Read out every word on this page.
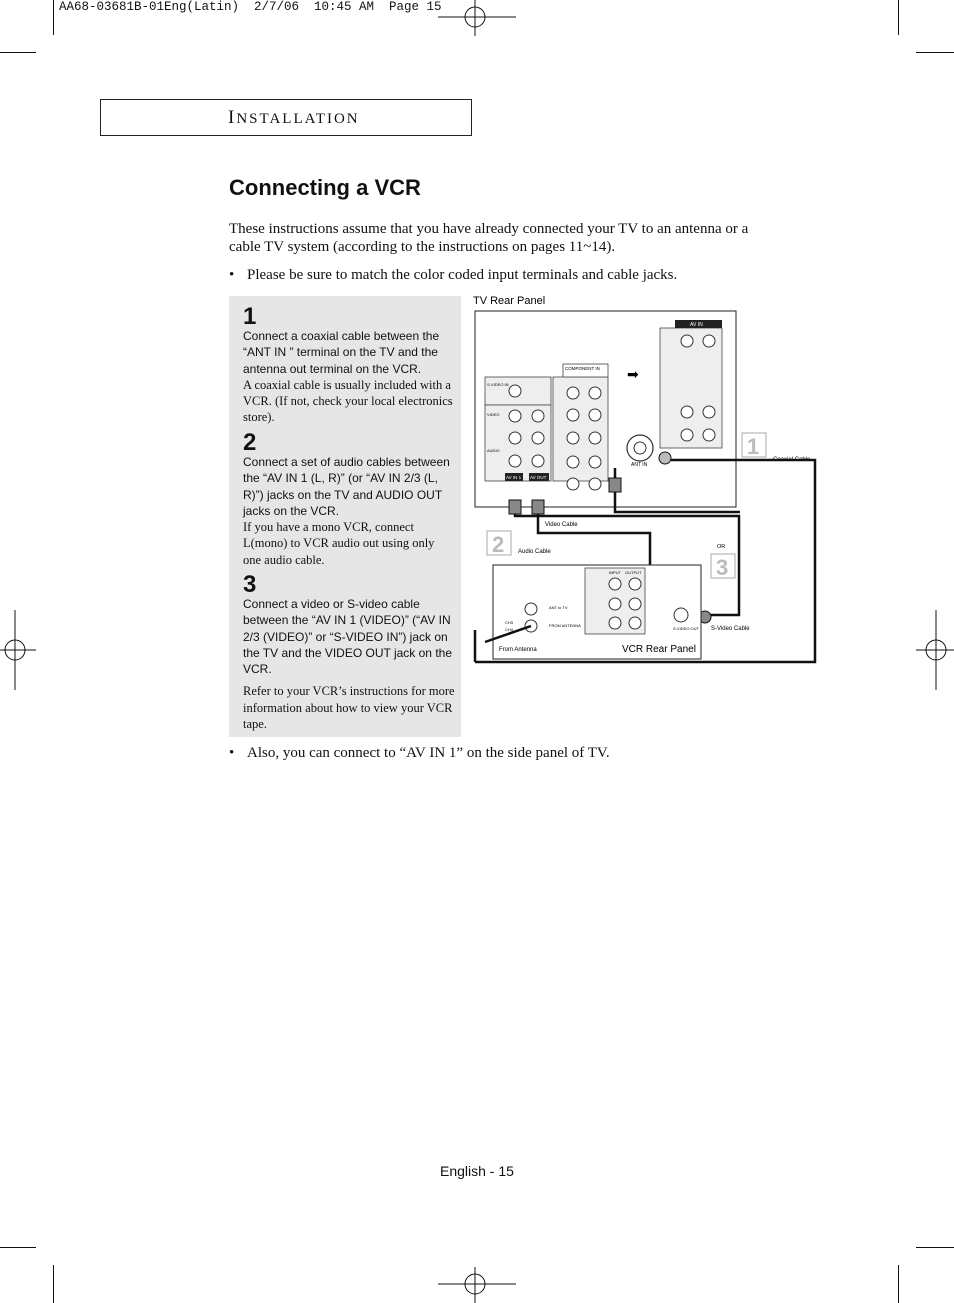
AA68-03681B-01Eng(Latin)  2/7/06  10:45 AM  Page 15
INSTALLATION
Connecting a VCR
These instructions assume that you have already connected your TV to an antenna or a cable TV system (according to the instructions on pages 11~14).
• Please be sure to match the color coded input terminals and cable jacks.
1
Connect a coaxial cable between the “ANT IN ” terminal on the TV and the antenna out terminal on the VCR.
A coaxial cable is usually included with a VCR. (If not, check your local electronics store).
2
Connect a set of audio cables between the “AV IN 1 (L, R)” (or “AV IN 2/3 (L, R)”) jacks on the TV and AUDIO OUT jacks on the VCR.
If you have a mono VCR, connect L(mono) to VCR audio out using only one audio cable.
3
Connect a video or S-video cable between the “AV IN 1 (VIDEO)” (“AV IN 2/3 (VIDEO)” or “S-VIDEO IN”) jack on the TV and the VIDEO OUT jack on the VCR.
Refer to your VCR’s instructions for more information about how to view your VCR tape.
TV Rear Panel
COMPONENT IN
S-VIDEO IN
VIDEO
AUDIO
AV IN 1 AV OUT
AV IN
➡
ANT IN
1
Coaxial Cable
Video Cable
Audio Cable
OR
S-Video Cable
2
3
INPUT OUTPUT
S-VIDEO OUT
ANT to TV
FROM ANTENNA
CH3
CH4
From Antenna	VCR Rear Panel
• Also, you can connect to “AV IN 1” on the side panel of TV.
English - 15
